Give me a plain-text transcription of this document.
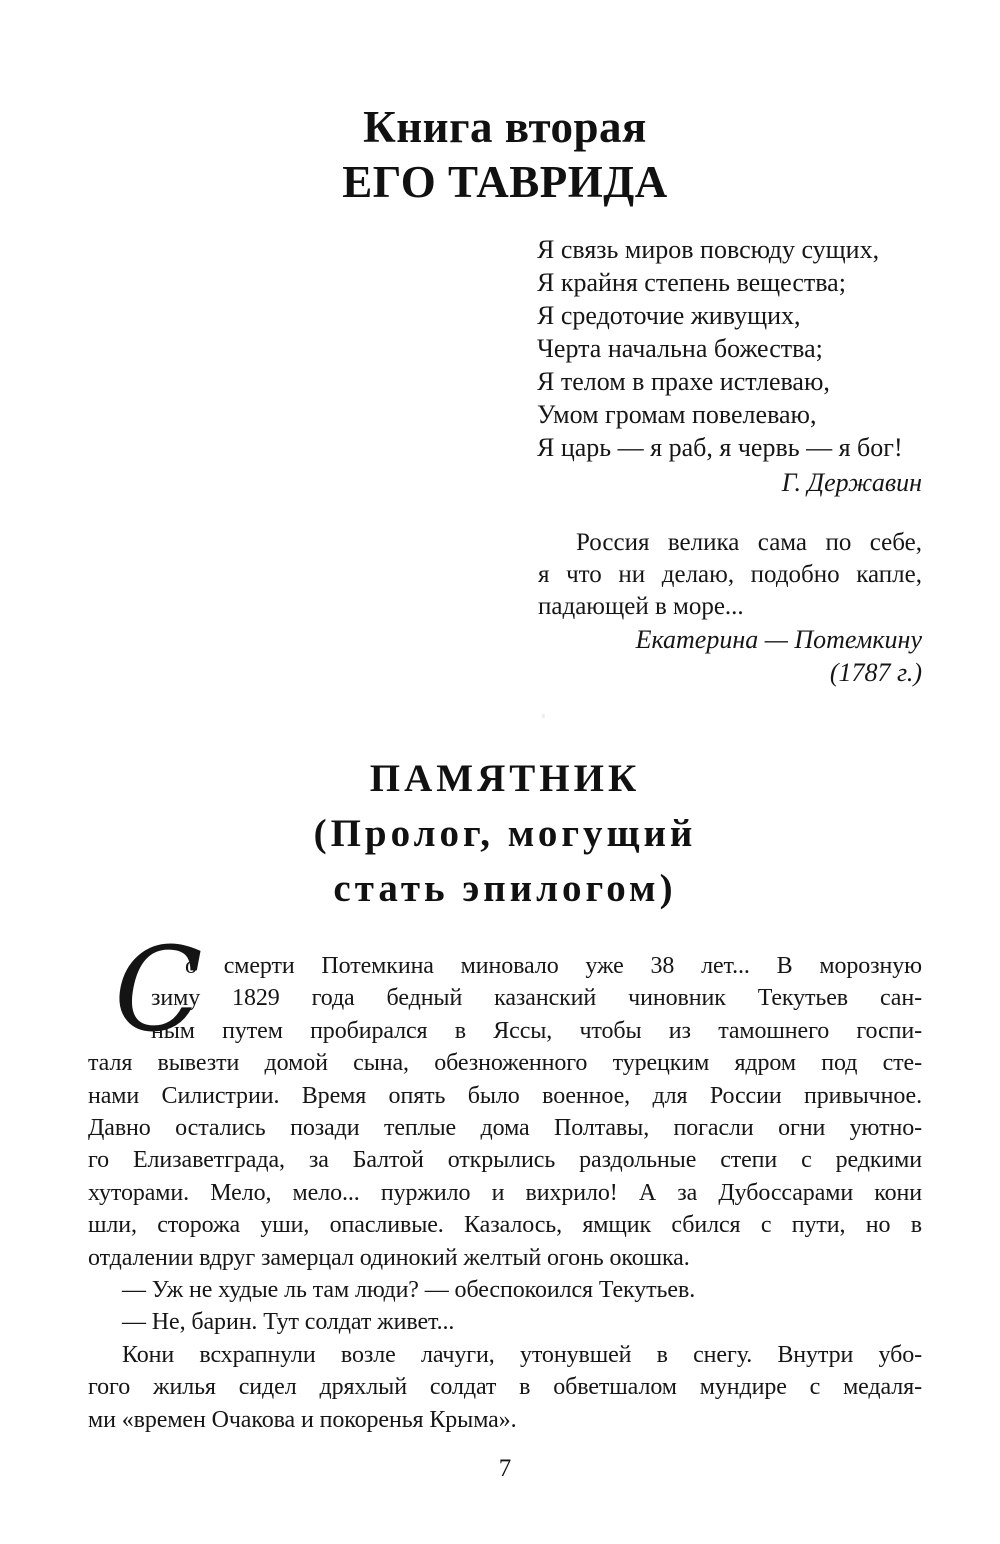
Книга вторая
ЕГО ТАВРИДА
Я связь миров повсюду сущих,
Я крайня степень вещества;
Я средоточие живущих,
Черта начальна божества;
Я телом в прахе истлеваю,
Умом громам повелеваю,
Я царь — я раб, я червь — я бог!
Г. Державин
Россия велика сама по себе,
я что ни делаю, подобно капле,
падающей в море...
Екатерина — Потемкину
(1787 г.)
ПАМЯТНИК
(Пролог, могущий
стать эпилогом)
С
о смерти Потемкина миновало уже 38 лет... В морозную
зиму 1829 года бедный казанский чиновник Текутьев сан-
ным путем пробирался в Яссы, чтобы из тамошнего госпи-
таля вывезти домой сына, обезноженного турецким ядром под сте-
нами Силистрии. Время опять было военное, для России привычное.
Давно остались позади теплые дома Полтавы, погасли огни уютно-
го Елизаветграда, за Балтой открылись раздольные степи с редкими
хуторами. Мело, мело... пуржило и вихрило! А за Дубоссарами кони
шли, сторожа уши, опасливые. Казалось, ямщик сбился с пути, но в
отдалении вдруг замерцал одинокий желтый огонь окошка.
— Уж не худые ль там люди? — обеспокоился Текутьев.
— Не, барин. Тут солдат живет...
Кони всхрапнули возле лачуги, утонувшей в снегу. Внутри убо-
гого жилья сидел дряхлый солдат в обветшалом мундире с медаля-
ми «времен Очакова и покоренья Крыма».
7
